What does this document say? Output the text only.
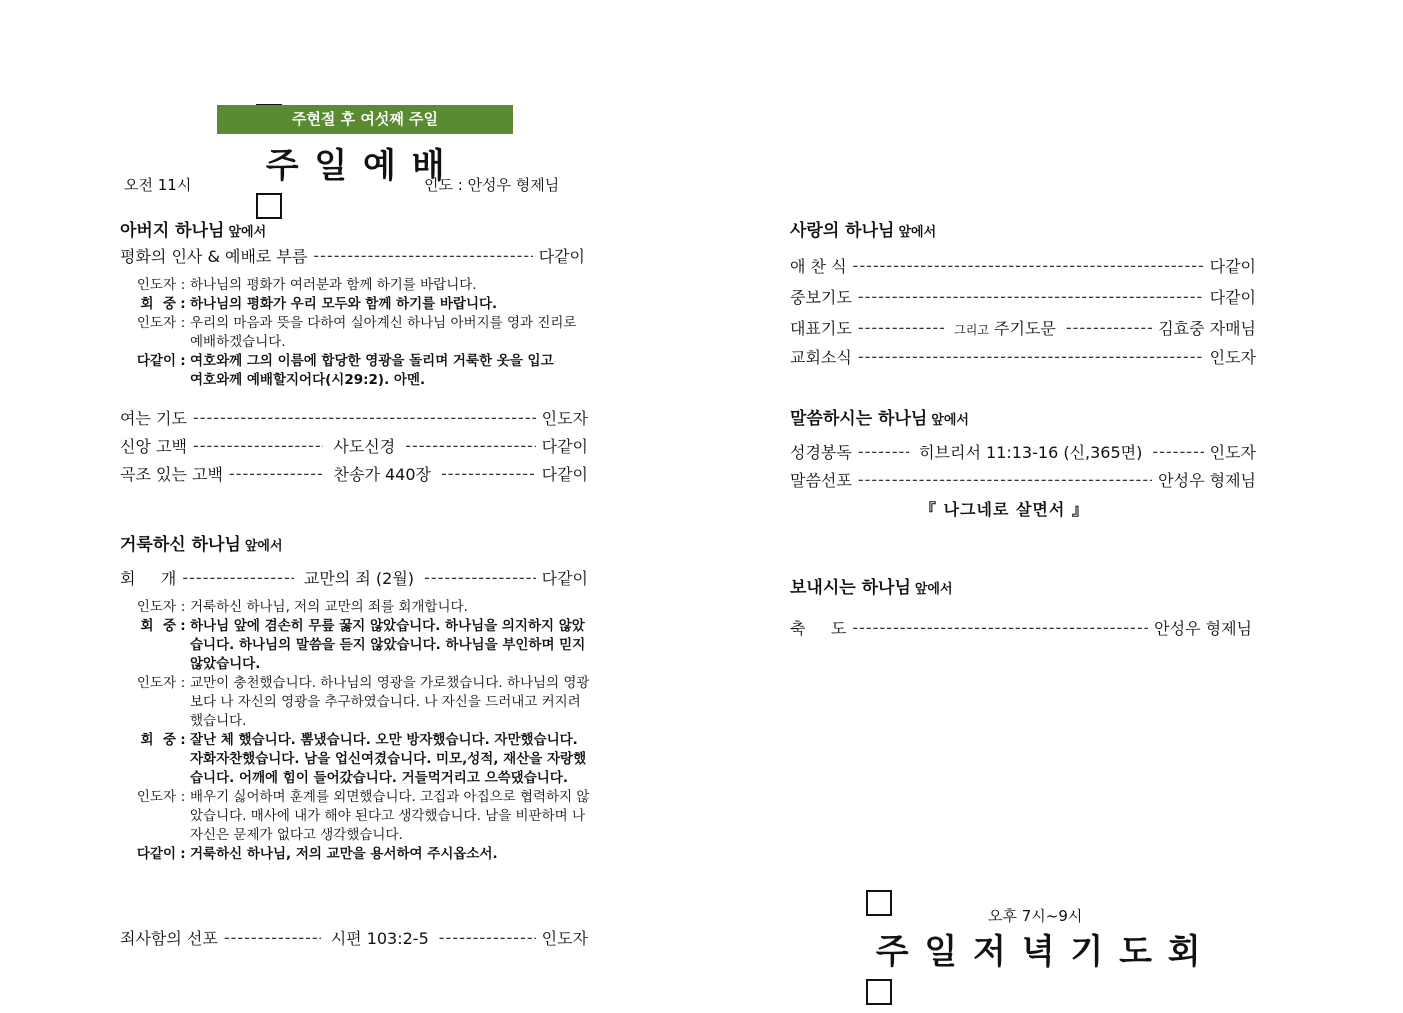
주 일 예 배

주현절 후 여섯째 주일
오전 11시	인도 : 안성우 형제님
아버지 하나님 앞에서
평화의 인사 & 예배로 부름 -----	다같이
인도자 : 하나님의 평화가 여러분과 함께 하기를 바랍니다.
회  중 : 하나님의 평화가 우리 모두와 함께 하기를 바랍니다.
인도자 : 우리의 마음과 뜻을 다하여 실아계신 하나님 아버지를 영과 진리로 예배하겠습니다.
다같이 : 여호와께 그의 이름에 합당한 영광을 돌리며 거룩한 옷을 입고 여호와께 예배할지어다(시29:2). 아멘.
여는 기도 -----	인도자
신앙 고백 -----	사도신경 -----	다같이
곡조 있는 고백 -----	찬송가 440장 -----	다같이
거룩하신 하나님 앞에서
회     개 -----	교만의 죄 (2월) -----	다같이
인도자 : 거룩하신 하나님, 저의 교만의 죄를 회개합니다.
회  중 : 하나님 앞에 겸손히 무릎 꿇지 않았습니다. 하나님을 의지하지 않았습니다. 하나님의 말씀을 듣지 않았습니다. 하나님을 부인하며 믿지 않았습니다.
인도자 : 교만이 충천했습니다. 하나님의 영광을 가로챘습니다. 하나님의 영광보다 나 자신의 영광을 추구하였습니다. 나 자신을 드러내고 커지려 했습니다.
회  중 : 잘난 체 했습니다. 뽐냈습니다. 오만 방자했습니다. 자만했습니다. 자화자찬했습니다. 남을 업신여겼습니다. 미모,성적, 재산을 자랑했습니다. 어깨에 힘이 들어갔습니다. 거들먹거리고 으쓱댔습니다.
인도자 : 배우기 싫어하며 훈계를 외면했습니다. 고집과 아집으로 협력하지 않았습니다. 매사에 내가 해야 된다고 생각했습니다. 남을 비판하며 나 자신은 문제가 없다고 생각했습니다.
다같이 : 거룩하신 하나님, 저의 교만을 용서하여 주시옵소서.
죄사함의 선포 -----	시편 103:2-5 -----	인도자
사랑의 하나님 앞에서
애 찬 식 -----	다같이
중보기도 -----	다같이
대표기도 -----	그리고 주기도문 -----	김효중 자매님
교회소식 -----	인도자
말씀하시는 하나님 앞에서
성경봉독 -----	히브리서 11:13-16 (신,365면) -----	인도자
말씀선포 -----	안성우 형제님
『 나그네로 살면서 』
보내시는 하나님 앞에서
축     도 -----	안성우 형제님

주 일 저 녁 기 도 회

오후 7시~9시
